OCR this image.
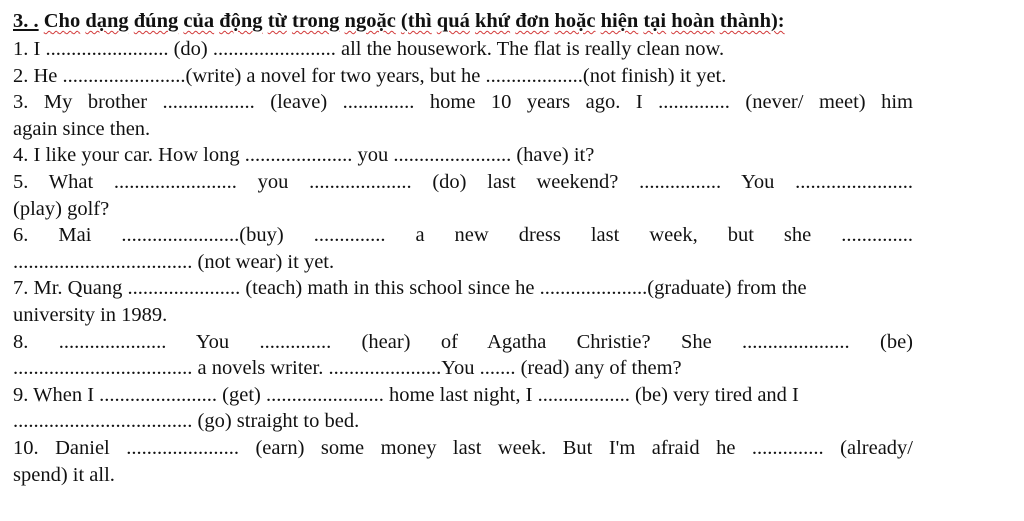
3. . Cho dạng đúng của động từ trong ngoặc (thì quá khứ đơn hoặc hiện tại hoàn thành):
1. I ........................ (do) ........................ all the housework. The flat is really clean now.
2. He ........................(write) a novel for two years, but he ...................(not finish) it yet.
3. My brother .................. (leave) .............. home 10 years ago. I .............. (never/ meet) him
again since then.
4. I like your car. How long ..................... you ....................... (have) it?
5. What ........................ you .................... (do) last weekend? ................ You .......................
(play) golf?
6. Mai .......................(buy) .............. a new dress last week, but she ..............
................................... (not wear) it yet.
7. Mr. Quang ...................... (teach) math in this school since he .....................(graduate) from the
university in 1989.
8. ..................... You .............. (hear) of Agatha Christie? She ..................... (be)
................................... a novels writer. ......................You ....... (read) any of them?
9. When I ....................... (get) ....................... home last night, I .................. (be) very tired and I
................................... (go) straight to bed.
10. Daniel ...................... (earn) some money last week. But I'm afraid he .............. (already/
spend) it all.
